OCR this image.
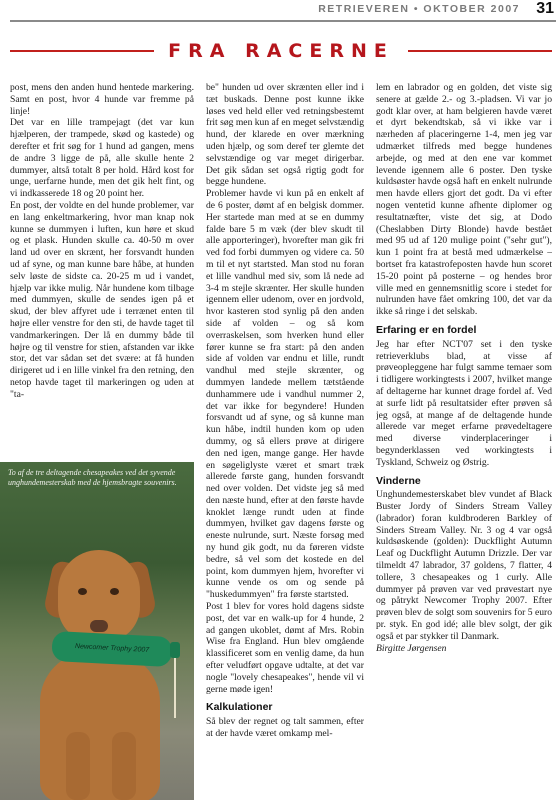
RETRIEVEREN • OKTOBER 2007 31
FRA RACERNE

post, mens den anden hund hentede markering. Samt en post, hvor 4 hunde var fremme på linje!

Det var en lille trampejagt (det var kun hjælperen, der trampede, skød og kastede) og derefter et frit søg for 1 hund ad gangen, mens de andre 3 ligge de på, alle skulle hente 2 dummyer, altså totalt 8 per hold. Hård kost for unge, uerfarne hunde, men det gik helt fint, og vi indkasserede 18 og 20 point her.

En post, der voldte en del hunde problemer, var en lang enkeltmarkering, hvor man knap nok kunne se dummyen i luften, kun høre et skud og et plask. Hunden skulle ca. 40-50 m over land ud over en skrænt, her forsvandt hunden ud af syne, og man kunne bare håbe, at hunden selv løste de sidste ca. 20-25 m ud i vandet, hjælp var ikke mulig. Når hundene kom tilbage med dummyen, skulle de sendes igen på et skud, der blev affyret ude i terrænet enten til højre eller venstre for den sti, de havde taget til vandmarkeringen. Der lå en dummy både til højre og til venstre for stien, afstanden var ikke stor, det var sådan set det svære: at få hunden dirigeret ud i en lille vinkel fra den retning, den netop havde taget til markeringen og uden at "ta-

To af de tre deltagende chesapeakes ved det syvende unghundemesterskab med de hjemsbragte souvenirs.
Newcomer Trophy 2007

be" hunden ud over skrænten eller ind i tæt buskads. Denne post kunne ikke løses ved held eller ved retningsbestemt frit søg men kun af en meget selvstændig hund, der klarede en over mærkning uden hjælp, og som deref ter glemte det selvstændige og var meget dirigerbar. Det gik sådan set også rigtig godt for begge hundene.

Problemer havde vi kun på en enkelt af de 6 poster, dømt af en belgisk dommer. Her startede man med at se en dummy falde bare 5 m væk (der blev skudt til alle apporteringer), hvorefter man gik fri ved fod forbi dummyen og videre ca. 50 m til et nyt startsted. Man stod nu foran et lille vandhul med siv, som lå nede ad 3-4 m stejle skrænter. Her skulle hunden igennem eller udenom, over en jordvold, hvor kasteren stod synlig på den anden side af volden – og så kom overraskelsen, som hverken hund eller fører kunne se fra start: på den anden side af volden var endnu et lille, rundt vandhul med stejle skrænter, og dummyen landede mellem tætstående dunhammere ude i vandhul nummer 2, det var ikke for begyndere! Hunden forsvandt ud af syne, og så kunne man kun håbe, indtil hunden kom op uden dummy, og så ellers prøve at dirigere den ned igen, mange gange. Her havde en søgeliglyste været et smart træk allerede første gang, hunden forsvandt ned over volden. Det vidste jeg så med den næste hund, efter at den første havde knoklet længe rundt uden at finde dummyen, hvilket gav dagens første og eneste nulrunde, surt. Næste forsøg med ny hund gik godt, nu da føreren vidste bedre, så vel som det kostede en del point, kom dummyen hjem, hvorefter vi kunne vende os om og sende på "huskedummyen" fra første startsted.

Post 1 blev for vores hold dagens sidste post, det var en walk-up for 4 hunde, 2 ad gangen ukoblet, dømt af Mrs. Robin Wise fra England. Hun blev omgående klassificeret som en venlig dame, da hun efter veludført opgave udtalte, at det var nogle "lovely chesapeakes", hende vil vi gerne møde igen!

Kalkulationer

Så blev der regnet og talt sammen, efter at der havde været omkamp mel-

lem en labrador og en golden, det viste sig senere at gælde 2.- og 3.-pladsen. Vi var jo godt klar over, at ham belgieren havde været et dyrt bekendtskab, så vi ikke var i nærheden af placeringerne 1-4, men jeg var udmærket tilfreds med begge hundenes arbejde, og med at den ene var kommet levende igennem alle 6 poster. Den tyske kuldsøster havde også haft en enkelt nulrunde men havde ellers gjort det godt. Da vi efter nogen ventetid kunne afhente diplomer og resultatnæfter, viste det sig, at Dodo (Cheslabben Dirty Blonde) havde bestået med 95 ud af 120 mulige point ("sehr gut"), kun 1 point fra at bestå med udmærkelse – bortset fra katastrofeposten havde hun scoret 15-20 point på posterne – og hendes bror ville med en gennemsnitlig score i stedet for nulrunden have fået omkring 100, det var da ikke så ringe i det selskab.

Erfaring er en fordel

Jeg har efter NCT'07 set i den tyske retrieverklubs blad, at visse af prøveopleggene har fulgt samme temaer som i tidligere workingtests i 2007, hvilket mange af deltagerne har kunnet drage fordel af. Ved at surfe lidt på resultatsider efter prøven så jeg også, at mange af de deltagende hunde allerede var meget erfarne prøvedeltagere med diverse vinderplaceringer i begynderklassen ved workingtests i Tyskland, Schweiz og Østrig.

Vinderne

Unghundemesterskabet blev vundet af Black Buster Jordy of Sinders Stream Valley (labrador) foran kuldbroderen Barkley of Sinders Stream Valley. Nr. 3 og 4 var også kuldsøskende (golden): Duckflight Autumn Leaf og Duckflight Autumn Drizzle. Der var tilmeldt 47 labrador, 37 goldens, 7 flatter, 4 tollere, 3 chesapeakes og 1 curly. Alle dummyer på prøven var ved prøvestart nye og påtrykt Newcomer Trophy 2007. Efter prøven blev de solgt som souvenirs for 5 euro pr. styk. En god idé; alle blev solgt, der gik også et par stykker til Danmark.

Birgitte Jørgensen
